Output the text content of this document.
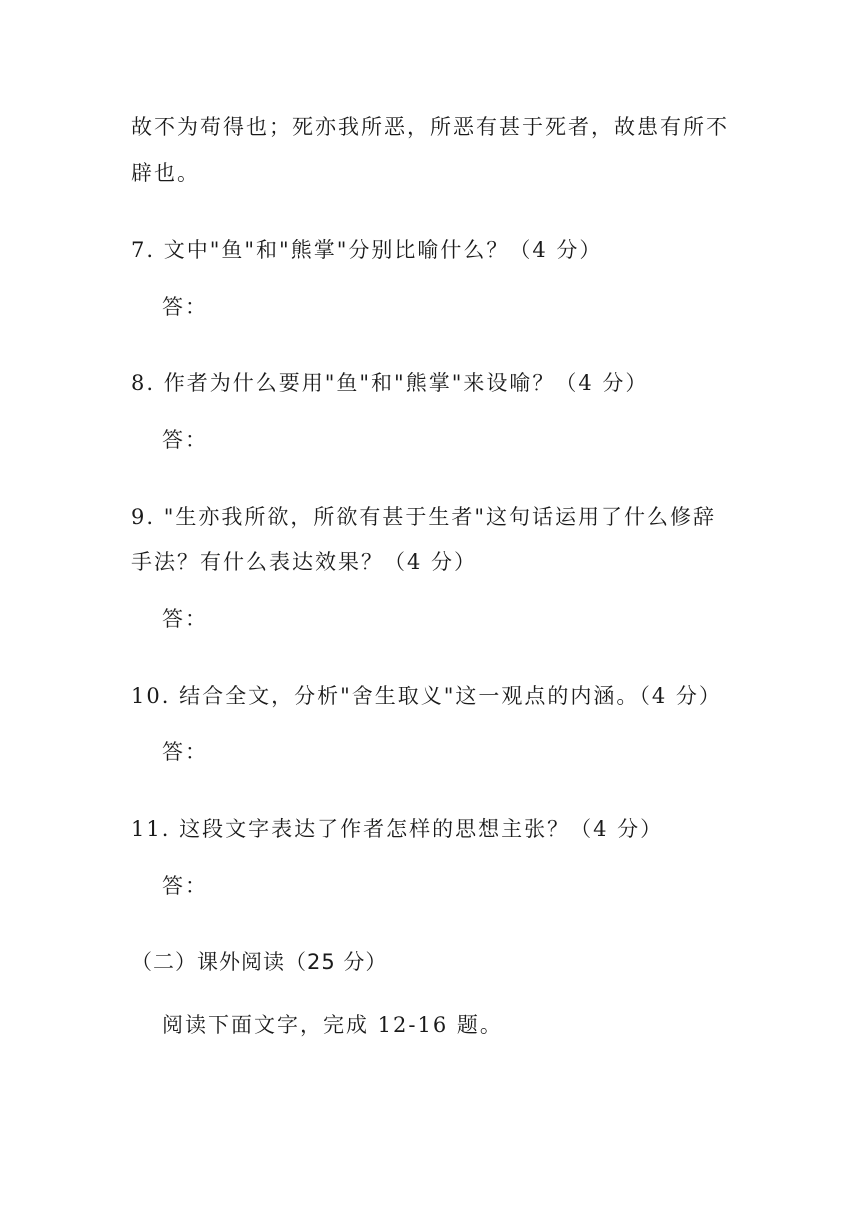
故不为苟得也；死亦我所恶，所恶有甚于死者，故患有所不
辟也。
7. 文中"鱼"和"熊掌"分别比喻什么？（4 分）
答：
8. 作者为什么要用"鱼"和"熊掌"来设喻？（4 分）
答：
9. "生亦我所欲，所欲有甚于生者"这句话运用了什么修辞
手法？有什么表达效果？（4 分）
答：
10. 结合全文，分析"舍生取义"这一观点的内涵。（4 分）
答：
11. 这段文字表达了作者怎样的思想主张？（4 分）
答：
（二）课外阅读（25 分）
阅读下面文字，完成 12-16 题。
